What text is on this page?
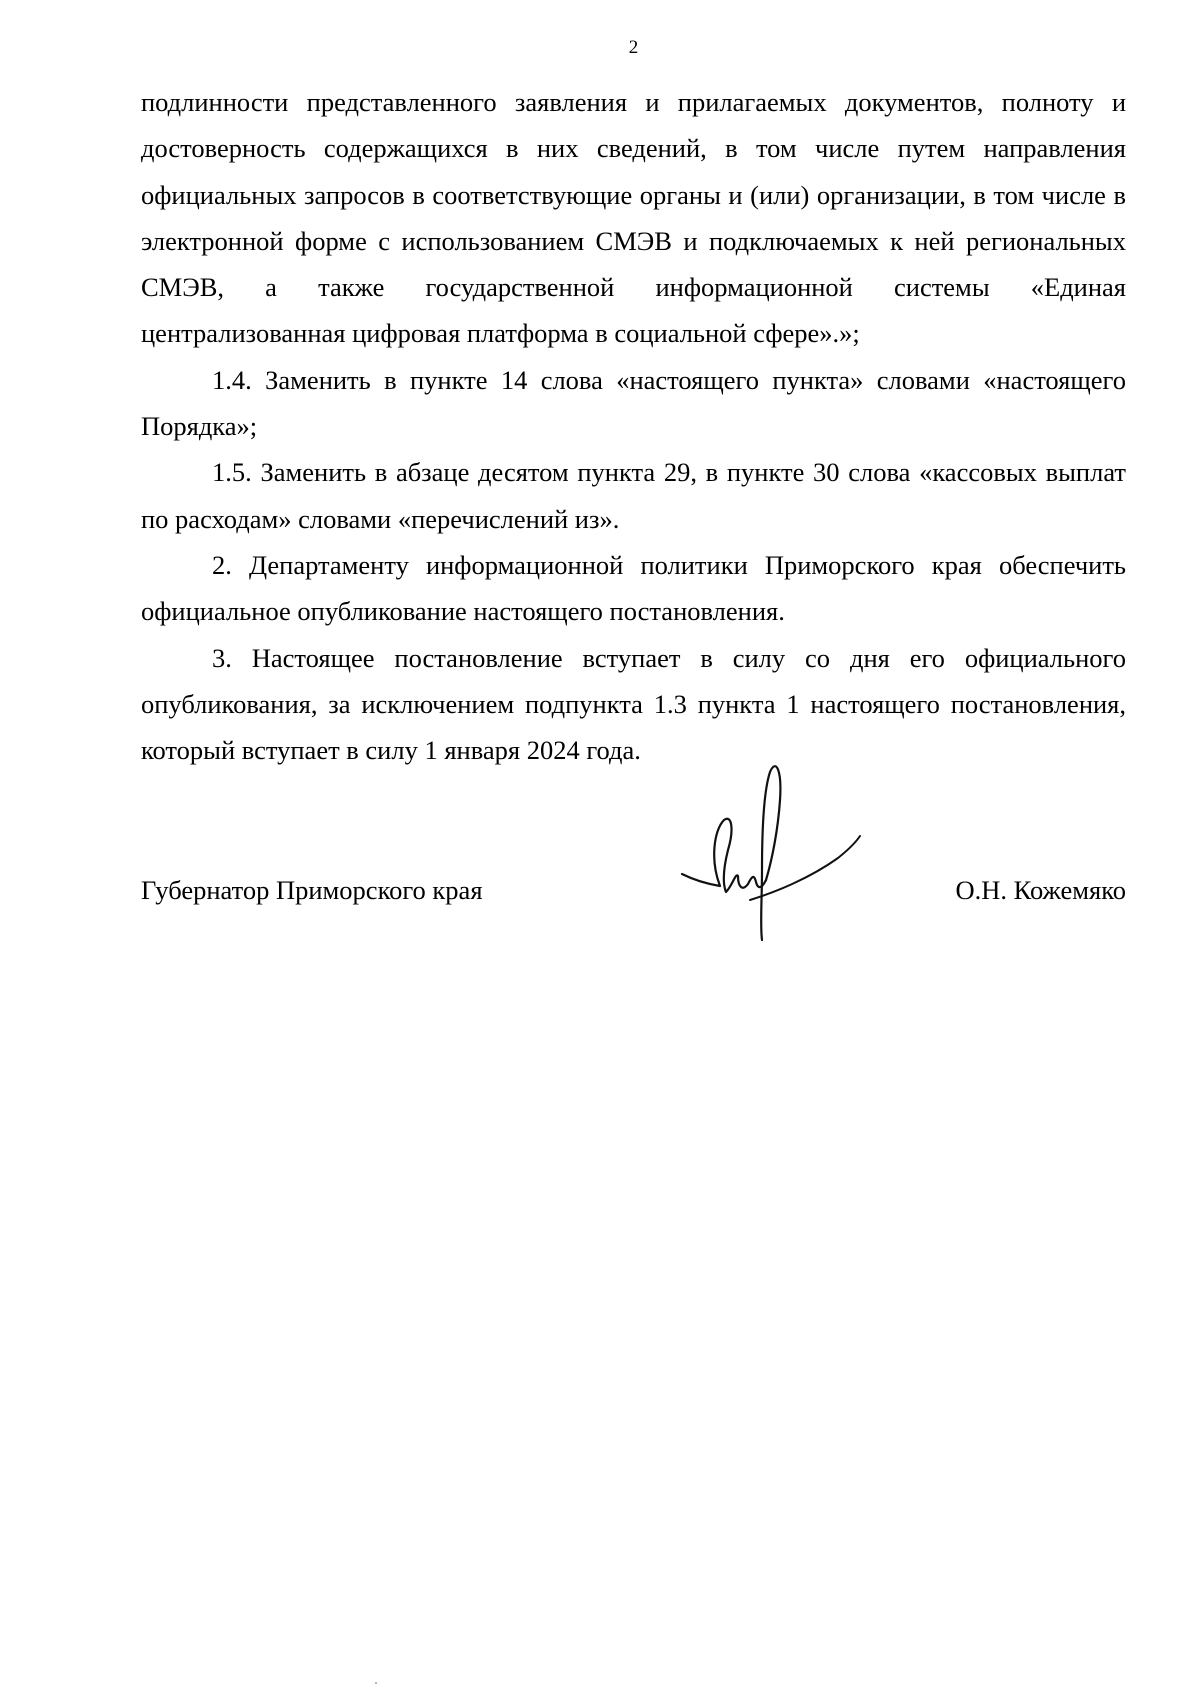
2

подлинности представленного заявления и прилагаемых документов, полноту и достоверность содержащихся в них сведений, в том числе путем направления официальных запросов в соответствующие органы и (или) организации, в том числе в электронной форме с использованием СМЭВ и подключаемых к ней региональных СМЭВ, а также государственной информационной системы «Единая централизованная цифровая платформа в социальной сфере».»;

1.4. Заменить в пункте 14 слова «настоящего пункта» словами «настоящего Порядка»;

1.5. Заменить в абзаце десятом пункта 29, в пункте 30 слова «кассовых выплат по расходам» словами «перечислений из».

2. Департаменту информационной политики Приморского края обеспечить официальное опубликование настоящего постановления.

3. Настоящее постановление вступает в силу со дня его официального опубликования, за исключением подпункта 1.3 пункта 1 настоящего постановления, который вступает в силу 1 января 2024 года.

Губернатор Приморского края	О.Н. Кожемяко
